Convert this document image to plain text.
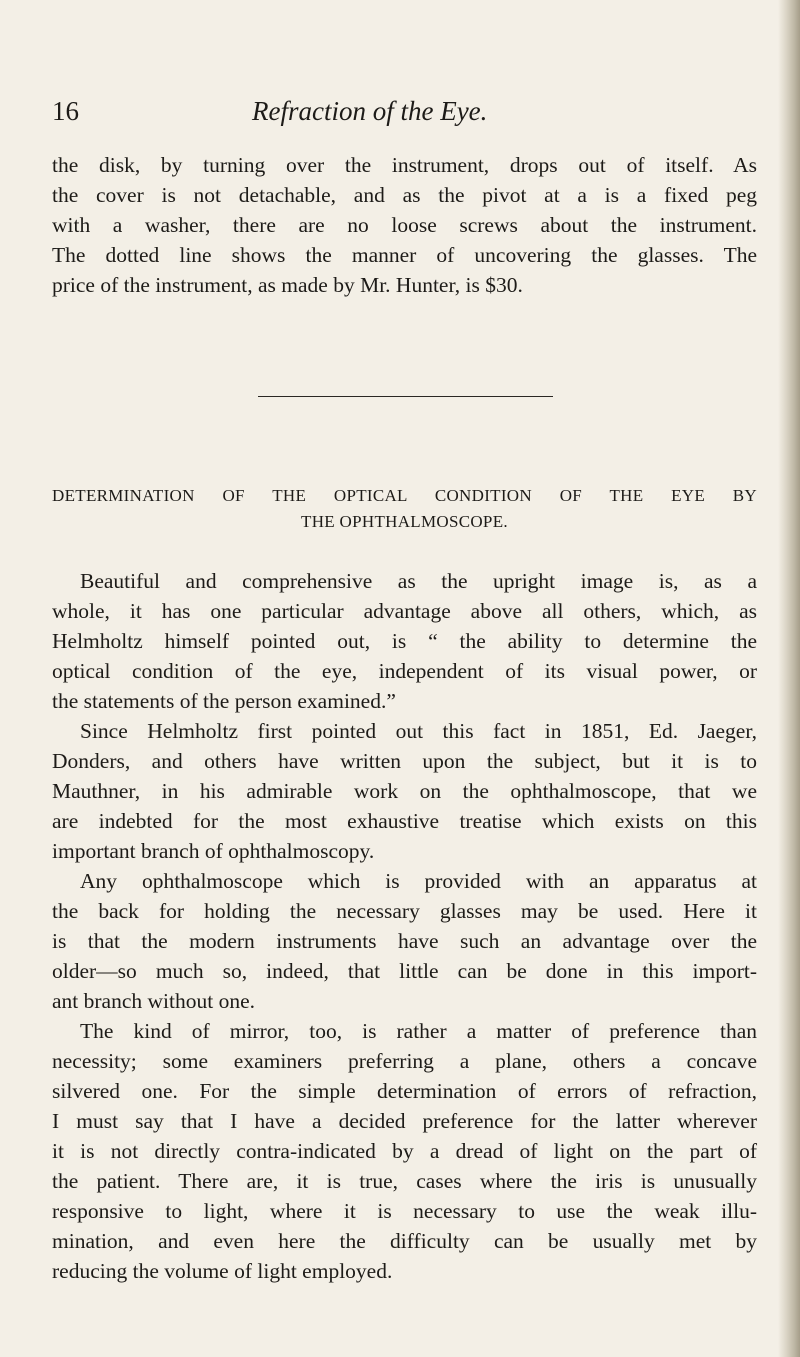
16	Refraction of the Eye.
the disk, by turning over the instrument, drops out of itself. As
the cover is not detachable, and as the pivot at a is a fixed peg
with a washer, there are no loose screws about the instrument.
The dotted line shows the manner of uncovering the glasses. The
price of the instrument, as made by Mr. Hunter, is $30.
DETERMINATION OF THE OPTICAL CONDITION OF THE EYE BY
THE OPHTHALMOSCOPE.
Beautiful and comprehensive as the upright image is, as a
whole, it has one particular advantage above all others, which, as
Helmholtz himself pointed out, is “ the ability to determine the
optical condition of the eye, independent of its visual power, or
the statements of the person examined.”
Since Helmholtz first pointed out this fact in 1851, Ed. Jaeger,
Donders, and others have written upon the subject, but it is to
Mauthner, in his admirable work on the ophthalmoscope, that we
are indebted for the most exhaustive treatise which exists on this
important branch of ophthalmoscopy.
Any ophthalmoscope which is provided with an apparatus at
the back for holding the necessary glasses may be used. Here it
is that the modern instruments have such an advantage over the
older—so much so, indeed, that little can be done in this import-
ant branch without one.
The kind of mirror, too, is rather a matter of preference than
necessity; some examiners preferring a plane, others a concave
silvered one. For the simple determination of errors of refraction,
I must say that I have a decided preference for the latter wherever
it is not directly contra-indicated by a dread of light on the part of
the patient. There are, it is true, cases where the iris is unusually
responsive to light, where it is necessary to use the weak illu-
mination, and even here the difficulty can be usually met by
reducing the volume of light employed.
